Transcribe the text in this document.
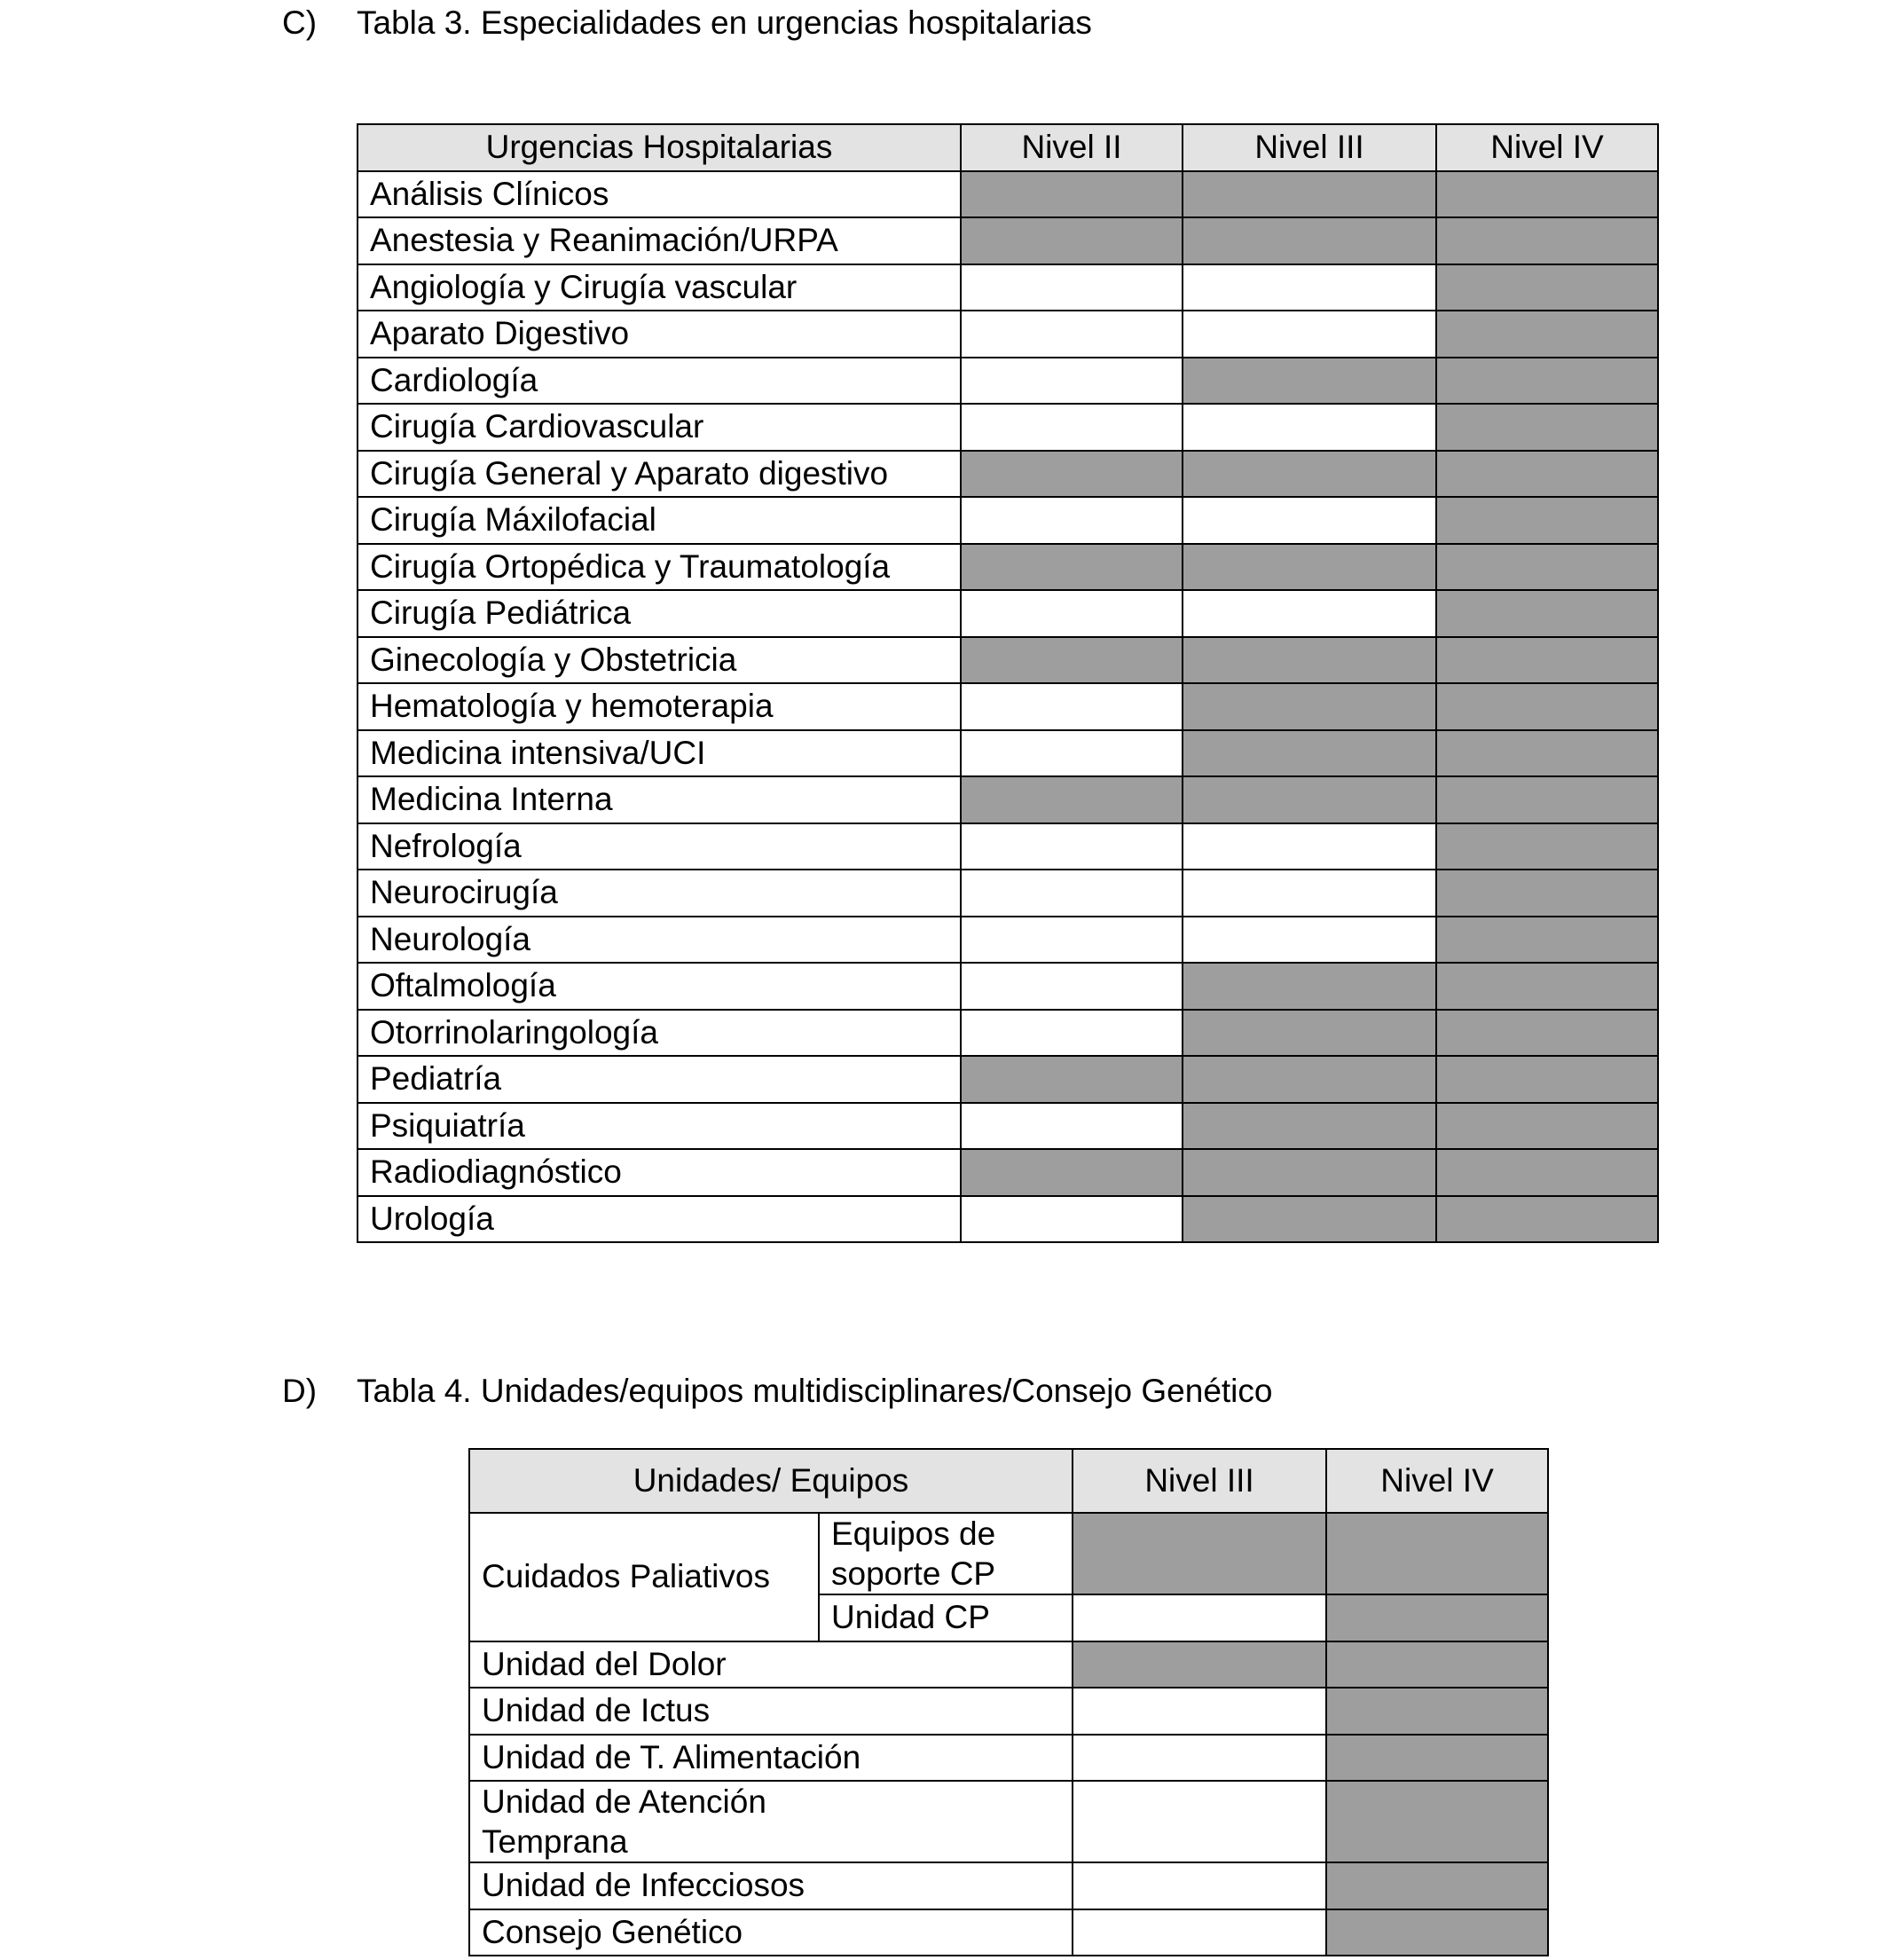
C) Tabla 3. Especialidades en urgencias hospitalarias
Urgencias Hospitalarias	Nivel II	Nivel III	Nivel IV
Análisis Clínicos			
Anestesia y Reanimación/URPA			
Angiología y Cirugía vascular			
Aparato Digestivo			
Cardiología			
Cirugía Cardiovascular			
Cirugía General y Aparato digestivo			
Cirugía Máxilofacial			
Cirugía Ortopédica y Traumatología			
Cirugía Pediátrica			
Ginecología y Obstetricia			
Hematología y hemoterapia			
Medicina intensiva/UCI			
Medicina Interna			
Nefrología			
Neurocirugía			
Neurología			
Oftalmología			
Otorrinolaringología			
Pediatría			
Psiquiatría			
Radiodiagnóstico			
Urología			
D) Tabla 4. Unidades/equipos multidisciplinares/Consejo Genético
Unidades/ Equipos		Nivel III	Nivel IV
Cuidados Paliativos	Equipos de soporte CP		
	Unidad CP		
Unidad del Dolor			
Unidad de Ictus			
Unidad de T. Alimentación			
Unidad de Atención Temprana			
Unidad de Infecciosos			
Consejo Genético			
